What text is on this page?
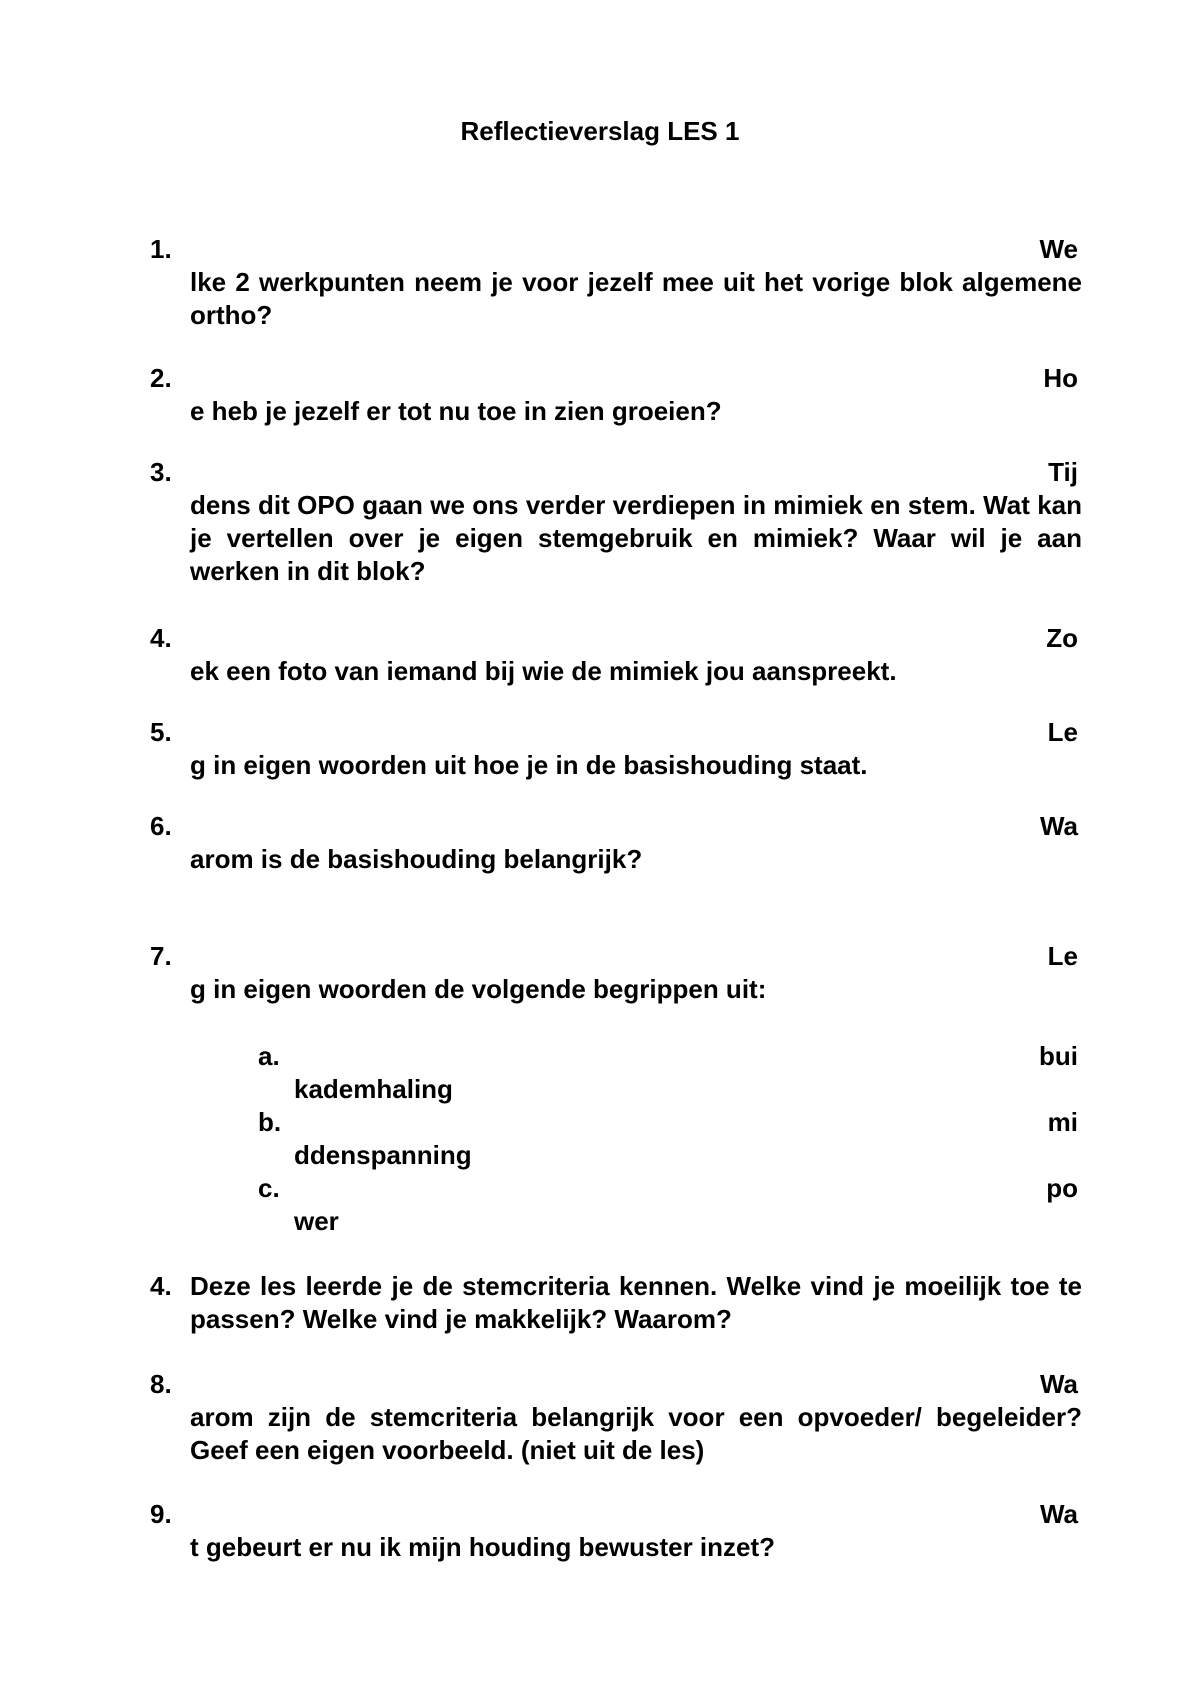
Reflectieverslag LES 1
1.	We
lke 2 werkpunten neem je voor jezelf mee uit het vorige blok algemene ortho?
2.	Ho
e heb je jezelf er tot nu toe in zien groeien?
3.	Tij
dens dit OPO gaan we ons verder verdiepen in mimiek en stem. Wat kan je vertellen over je eigen stemgebruik en mimiek? Waar wil je aan werken in dit blok?
4.	Zo
ek een foto van iemand bij wie de mimiek jou aanspreekt.
5.	Le
g in eigen woorden uit hoe je in de basishouding staat.
6.	Wa
arom is de basishouding belangrijk?
7.	Le
g in eigen woorden de volgende begrippen uit:
a.	bui
kademhaling
b.	mi
ddenspanning
c.	po
wer
4. Deze les leerde je de stemcriteria kennen. Welke vind je moeilijk toe te passen? Welke vind je makkelijk? Waarom?
8.	Wa
arom zijn de stemcriteria belangrijk voor een opvoeder/ begeleider? Geef een eigen voorbeeld. (niet uit de les)
9.	Wa
t gebeurt er nu ik mijn houding bewuster inzet?
